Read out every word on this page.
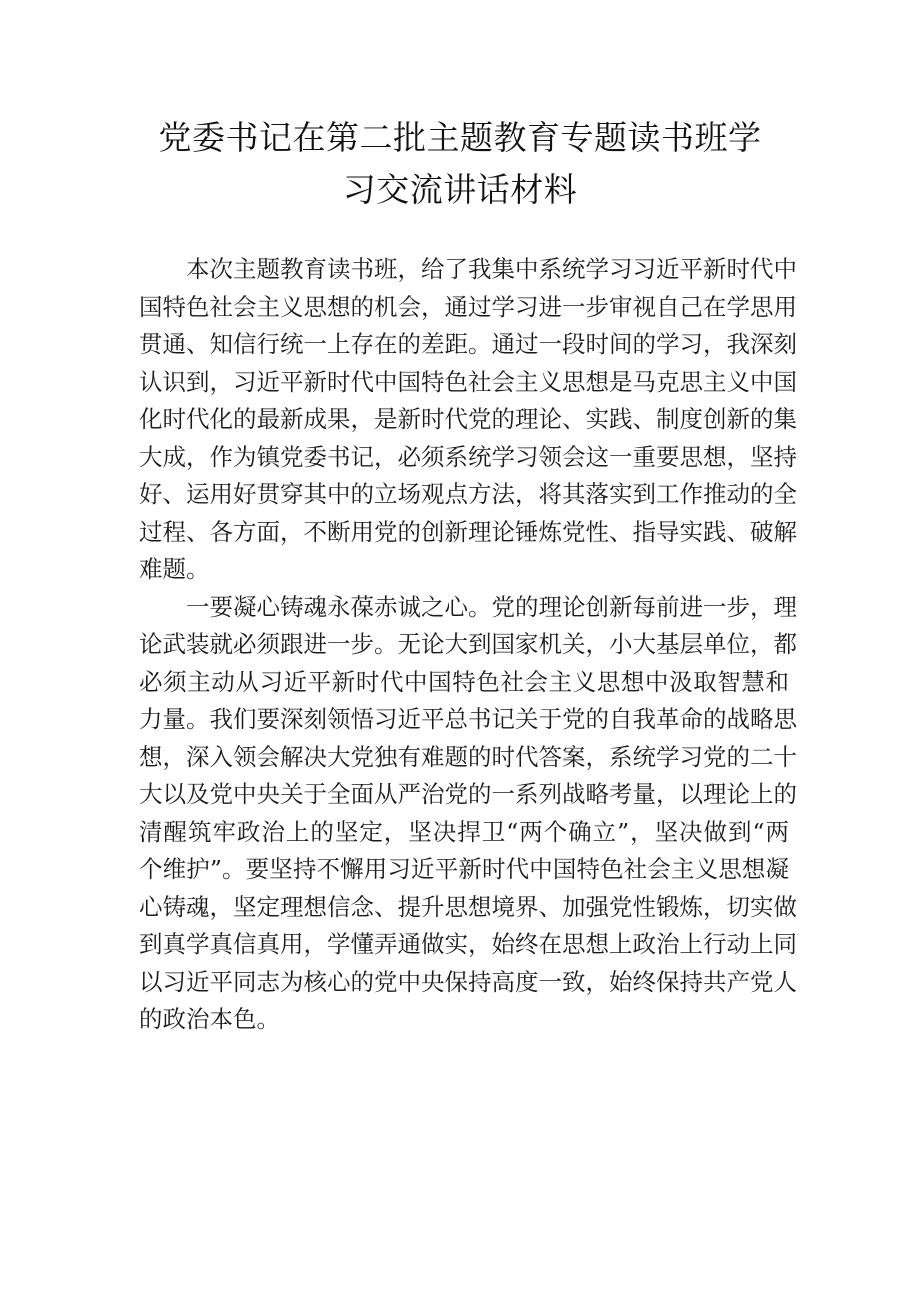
党委书记在第二批主题教育专题读书班学
习交流讲话材料
本次主题教育读书班，给了我集中系统学习习近平新时代中
国特色社会主义思想的机会，通过学习进一步审视自己在学思用
贯通、知信行统一上存在的差距。通过一段时间的学习，我深刻
认识到，习近平新时代中国特色社会主义思想是马克思主义中国
化时代化的最新成果，是新时代党的理论、实践、制度创新的集
大成，作为镇党委书记，必须系统学习领会这一重要思想，坚持
好、运用好贯穿其中的立场观点方法，将其落实到工作推动的全
过程、各方面，不断用党的创新理论锤炼党性、指导实践、破解
难题。
一要凝心铸魂永葆赤诚之心。党的理论创新每前进一步，理
论武装就必须跟进一步。无论大到国家机关，小大基层单位，都
必须主动从习近平新时代中国特色社会主义思想中汲取智慧和
力量。我们要深刻领悟习近平总书记关于党的自我革命的战略思
想，深入领会解决大党独有难题的时代答案，系统学习党的二十
大以及党中央关于全面从严治党的一系列战略考量，以理论上的
清醒筑牢政治上的坚定，坚决捍卫“两个确立”，坚决做到“两
个维护”。要坚持不懈用习近平新时代中国特色社会主义思想凝
心铸魂，坚定理想信念、提升思想境界、加强党性锻炼，切实做
到真学真信真用，学懂弄通做实，始终在思想上政治上行动上同
以习近平同志为核心的党中央保持高度一致，始终保持共产党人
的政治本色。
